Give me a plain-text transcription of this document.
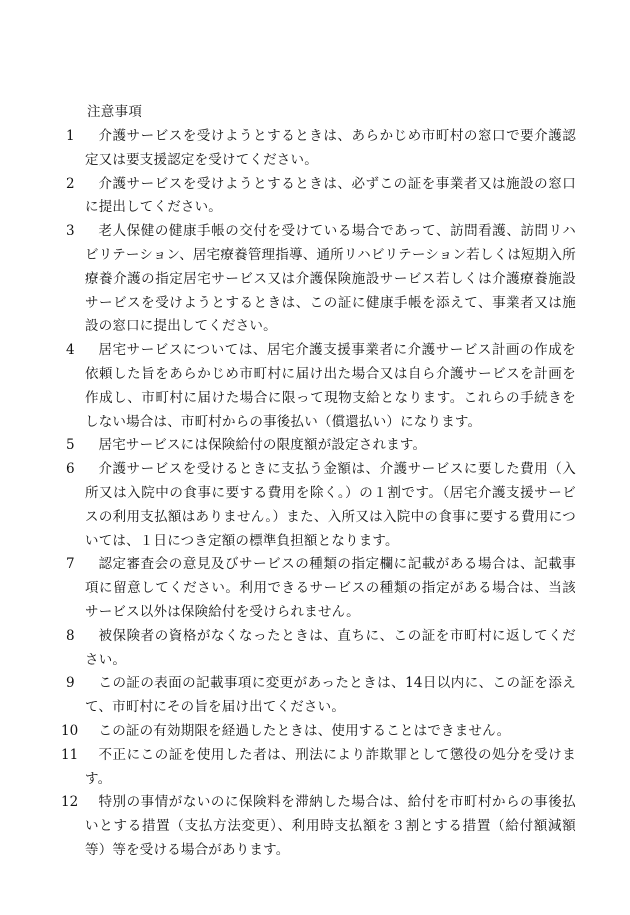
注意事項
1	介護サービスを受けようとするときは、あらかじめ市町村の窓口で要介護認定又は要支援認定を受けてください。

2	介護サービスを受けようとするときは、必ずこの証を事業者又は施設の窓口に提出してください。

3	老人保健の健康手帳の交付を受けている場合であって、訪問看護、訪問リハビリテーション、居宅療養管理指導、通所リハビリテーション若しくは短期入所療養介護の指定居宅サービス又は介護保険施設サービス若しくは介護療養施設サービスを受けようとするときは、この証に健康手帳を添えて、事業者又は施設の窓口に提出してください。

4	居宅サービスについては、居宅介護支援事業者に介護サービス計画の作成を依頼した旨をあらかじめ市町村に届け出た場合又は自ら介護サービスを計画を作成し、市町村に届けた場合に限って現物支給となります。これらの手続きをしない場合は、市町村からの事後払い（償還払い）になります。

5	居宅サービスには保険給付の限度額が設定されます。

6	介護サービスを受けるときに支払う金額は、介護サービスに要した費用（入所又は入院中の食事に要する費用を除く。）の１割です。（居宅介護支援サービスの利用支払額はありません。）また、入所又は入院中の食事に要する費用については、１日につき定額の標準負担額となります。

7	認定審査会の意見及びサービスの種類の指定欄に記載がある場合は、記載事項に留意してください。利用できるサービスの種類の指定がある場合は、当該サービス以外は保険給付を受けられません。

8	被保険者の資格がなくなったときは、直ちに、この証を市町村に返してください。

9	この証の表面の記載事項に変更があったときは、14日以内に、この証を添えて、市町村にその旨を届け出てください。

10	この証の有効期限を経過したときは、使用することはできません。

11	不正にこの証を使用した者は、刑法により詐欺罪として懲役の処分を受けます。

12	特別の事情がないのに保険料を滞納した場合は、給付を市町村からの事後払いとする措置（支払方法変更）、利用時支払額を３割とする措置（給付額減額等）等を受ける場合があります。
